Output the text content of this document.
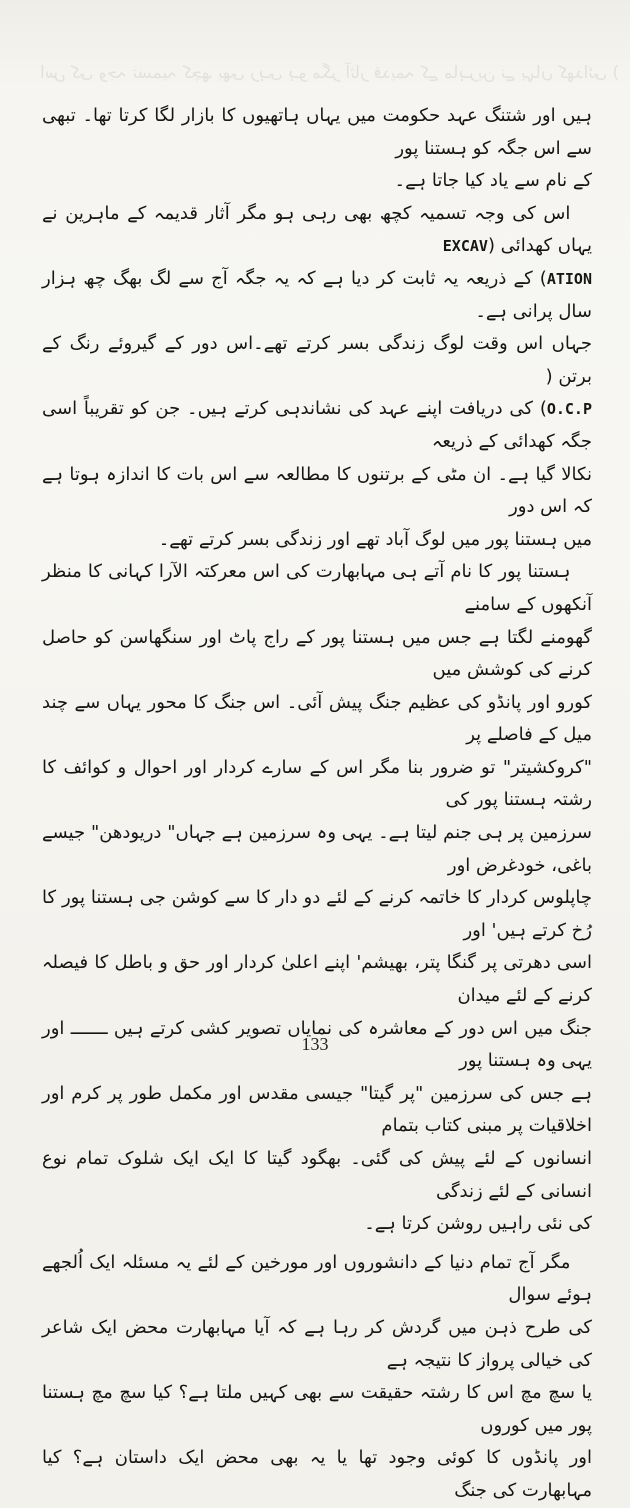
اس کی وجہ تسمیہ کچھ بھی رہی ہو مگر آثار قدیمہ کے ماہرین نے یہاں کھدائی (

ہیں اور شتنگ عہد حکومت میں یہاں ہاتھیوں کا بازار لگا کرتا تھا۔ تبھی سے اس جگہ کو ہستنا پور

کے نام سے یاد کیا جاتا ہے۔

اس کی وجہ تسمیہ کچھ بھی رہی ہو مگر آثار قدیمہ کے ماہرین نے یہاں کھدائی (EXCAV

ATION) کے ذریعہ یہ ثابت کر دیا ہے کہ یہ جگہ آج سے لگ بھگ چھ ہزار سال پرانی ہے۔

جہاں اس وقت لوگ زندگی بسر کرتے تھے۔اس دور کے گیروئے رنگ کے برتن (

O.C.P) کی دریافت اپنے عہد کی نشاندہی کرتے ہیں۔ جن کو تقریباً اسی جگہ کھدائی کے ذریعہ

نکالا گیا ہے۔ ان مٹی کے برتنوں کا مطالعہ سے اس بات کا اندازہ ہوتا ہے کہ اس دور

میں ہستنا پور میں لوگ آباد تھے اور زندگی بسر کرتے تھے۔

ہستنا پور کا نام آتے ہی مہابھارت کی اس معرکتہ الآرا کہانی کا منظر آنکھوں کے سامنے

گھومنے لگتا ہے جس میں ہستنا پور کے راج پاٹ اور سنگھاسن کو حاصل کرنے کی کوشش میں

کورو اور پانڈو کی عظیم جنگ پیش آئی۔ اس جنگ کا محور یہاں سے چند میل کے فاصلے پر

"کروکشیتر" تو ضرور بنا مگر اس کے سارے کردار اور احوال و کوائف کا رشتہ ہستنا پور کی

سرزمین پر ہی جنم لیتا ہے۔ یہی وہ سرزمین ہے جہاں" دریودھن" جیسے باغی، خودغرض اور

چاپلوس کردار کا خاتمہ کرنے کے لئے دو دار کا سے کوشن جی ہستنا پور کا رُخ کرتے ہیں' اور

اسی دھرتی پر گنگا پتر، بھیشم' اپنے اعلیٰ کردار اور حق و باطل کا فیصلہ کرنے کے لئے میدان

جنگ میں اس دور کے معاشرہ کی نمایاں تصویر کشی کرتے ہیں ـــــــ اور یہی وہ ہستنا پور

ہے جس کی سرزمین "پر گیتا" جیسی مقدس اور مکمل طور پر کرم اور اخلاقیات پر مبنی کتاب بتمام

انسانوں کے لئے پیش کی گئی۔ بھگود گیتا کا ایک ایک شلوک تمام نوع انسانی کے لئے زندگی

کی نئی راہیں روشن کرتا ہے۔

مگر آج تمام دنیا کے دانشوروں اور مورخین کے لئے یہ مسئلہ ایک اُلجھے ہوئے سوال

کی طرح ذہن میں گردش کر رہا ہے کہ آیا مہابھارت محض ایک شاعر کی خیالی پرواز کا نتیجہ ہے

یا سچ مچ اس کا رشتہ حقیقت سے بھی کہیں ملتا ہے؟ کیا سچ مچ ہستنا پور میں کوروں

اور پانڈوں کا کوئی وجود تھا یا یہ بھی محض ایک داستان ہے؟ کیا مہابھارت کی جنگ

133
